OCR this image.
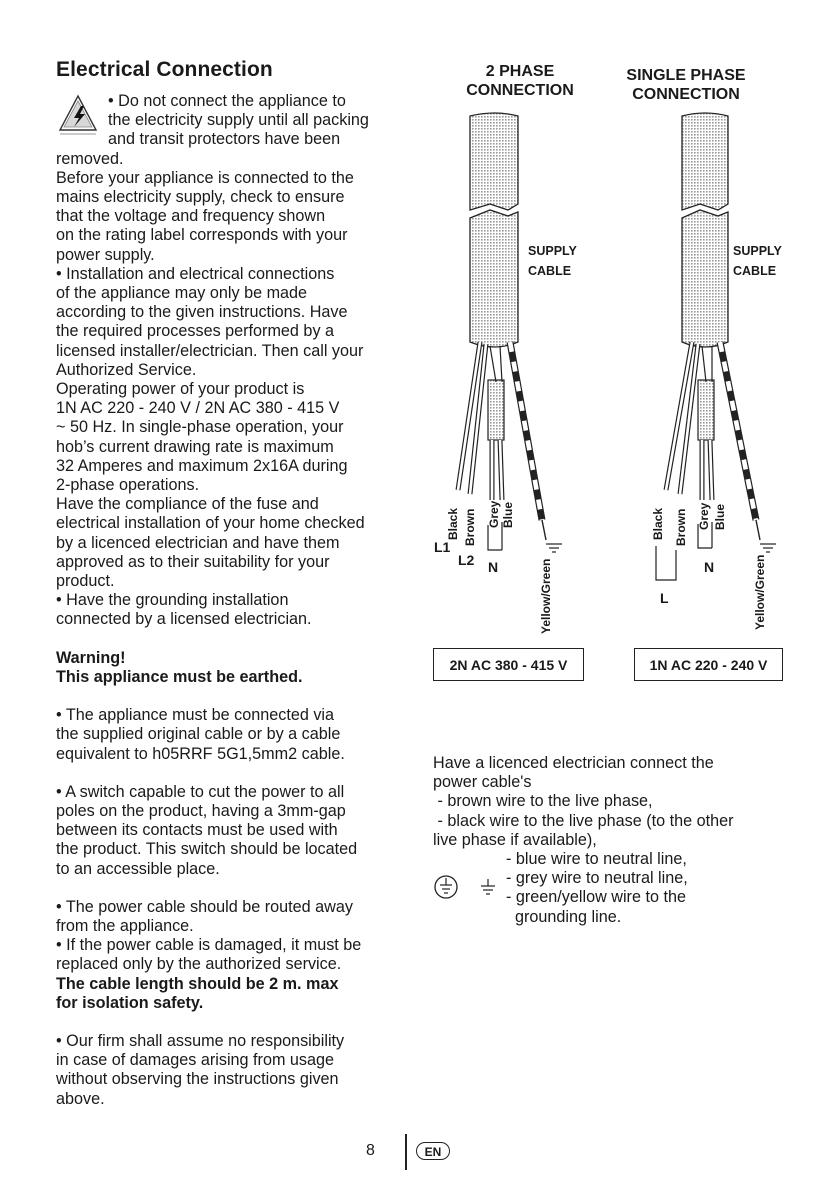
Electrical Connection

• Do not connect the appliance to

the electricity supply until all packing

and transit protectors have been

removed.

Before your appliance is connected to the

mains electricity supply, check to ensure

that the voltage and frequency shown

on the rating label corresponds with your

power supply.

• Installation and electrical connections

of the appliance may only be made

according to the given instructions. Have

the required processes performed by a

licensed installer/electrician. Then call your

Authorized Service.

Operating power of your product is

1N AC 220 - 240 V / 2N AC 380 - 415 V

~ 50 Hz. In single-phase operation, your

hob’s current drawing rate is maximum

32 Amperes and maximum 2x16A during

2-phase operations.

Have the compliance of the fuse and

electrical installation of your home checked

by a licenced electrician and have them

approved as to their suitability for your

product.

• Have the grounding installation

connected by a licensed electrician.

Warning!

This appliance must be earthed.

• The appliance must be connected via

the supplied original cable or by a cable

equivalent to h05RRF 5G1,5mm2 cable.

• A switch capable to cut the power to all

poles on the product, having a 3mm-gap

between its contacts must be used with

the product. This switch should be located

to an accessible place.

• The power cable should be routed away

from the appliance.

• If the power cable is damaged, it must be

replaced only by the authorized service.

The cable length should be 2 m. max

for isolation safety.

• Our firm shall assume no responsibility

in case of damages arising from usage

without observing the instructions given

above.

2 PHASE
CONNECTION
SINGLE PHASE
CONNECTION
SUPPLY
CABLE
Black Brown Grey Blue
Yellow/Green
L1
L2 N
SUPPLY
CABLE
Black Brown Grey Blue
Yellow/Green
L
N
2N AC 380 - 415 V	1N AC 220 - 240 V

Have a licenced electrician connect the

power cable's

- brown wire to the live phase,

- black wire to the live phase (to the other

live phase if available),

- blue wire to neutral line,

- grey wire to neutral line,

- green/yellow wire to the

grounding line.

8	EN
